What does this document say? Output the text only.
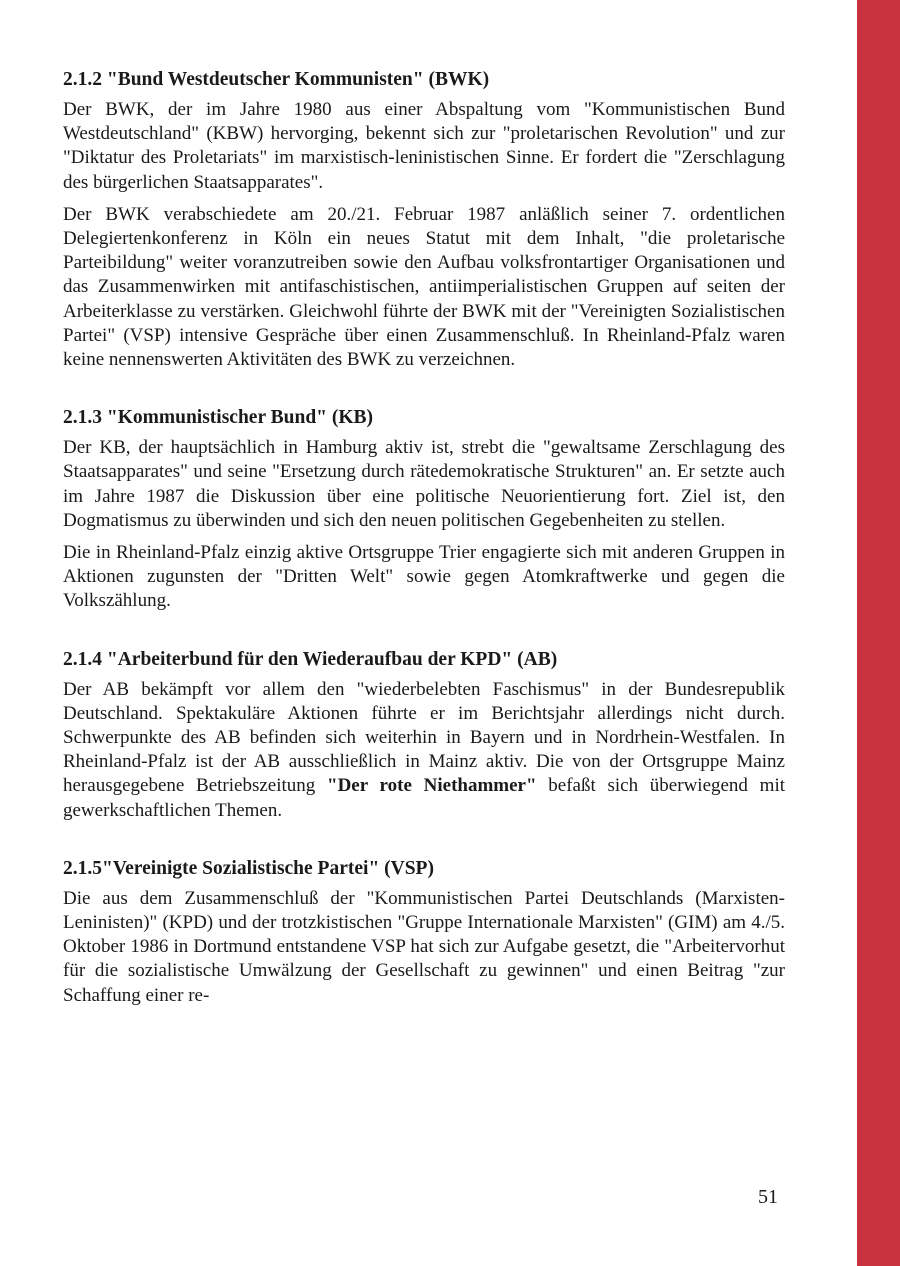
2.1.2 "Bund Westdeutscher Kommunisten" (BWK)

Der BWK, der im Jahre 1980 aus einer Abspaltung vom "Kommunistischen Bund Westdeutschland" (KBW) hervorging, bekennt sich zur "proletarischen Revolution" und zur "Diktatur des Proletariats" im marxistisch-leninistischen Sinne. Er fordert die "Zerschlagung des bürgerlichen Staatsapparates".

Der BWK verabschiedete am 20./21. Februar 1987 anläßlich seiner 7. ordentlichen Delegiertenkonferenz in Köln ein neues Statut mit dem Inhalt, "die proletarische Parteibildung" weiter voranzutreiben sowie den Aufbau volksfrontartiger Organisationen und das Zusammenwirken mit antifaschistischen, antiimperialistischen Gruppen auf seiten der Arbeiterklasse zu verstärken. Gleichwohl führte der BWK mit der "Vereinigten Sozialistischen Partei" (VSP) intensive Gespräche über einen Zusammenschluß. In Rheinland-Pfalz waren keine nennenswerten Aktivitäten des BWK zu verzeichnen.

2.1.3 "Kommunistischer Bund" (KB)

Der KB, der hauptsächlich in Hamburg aktiv ist, strebt die "gewaltsame Zerschlagung des Staatsapparates" und seine "Ersetzung durch rätedemokratische Strukturen" an. Er setzte auch im Jahre 1987 die Diskussion über eine politische Neuorientierung fort. Ziel ist, den Dogmatismus zu überwinden und sich den neuen politischen Gegebenheiten zu stellen.

Die in Rheinland-Pfalz einzig aktive Ortsgruppe Trier engagierte sich mit anderen Gruppen in Aktionen zugunsten der "Dritten Welt" sowie gegen Atomkraftwerke und gegen die Volkszählung.

2.1.4 "Arbeiterbund für den Wiederaufbau der KPD" (AB)

Der AB bekämpft vor allem den "wiederbelebten Faschismus" in der Bundesrepublik Deutschland. Spektakuläre Aktionen führte er im Berichtsjahr allerdings nicht durch. Schwerpunkte des AB befinden sich weiterhin in Bayern und in Nordrhein-Westfalen. In Rheinland-Pfalz ist der AB ausschließlich in Mainz aktiv. Die von der Ortsgruppe Mainz herausgegebene Betriebszeitung "Der rote Niethammer" befaßt sich überwiegend mit gewerkschaftlichen Themen.

2.1.5"Vereinigte Sozialistische Partei" (VSP)

Die aus dem Zusammenschluß der "Kommunistischen Partei Deutschlands (Marxisten-Leninisten)" (KPD) und der trotzkistischen "Gruppe Internationale Marxisten" (GIM) am 4./5. Oktober 1986 in Dortmund entstandene VSP hat sich zur Aufgabe gesetzt, die "Arbeitervorhut für die sozialistische Umwälzung der Gesellschaft zu gewinnen" und einen Beitrag "zur Schaffung einer re-

51
